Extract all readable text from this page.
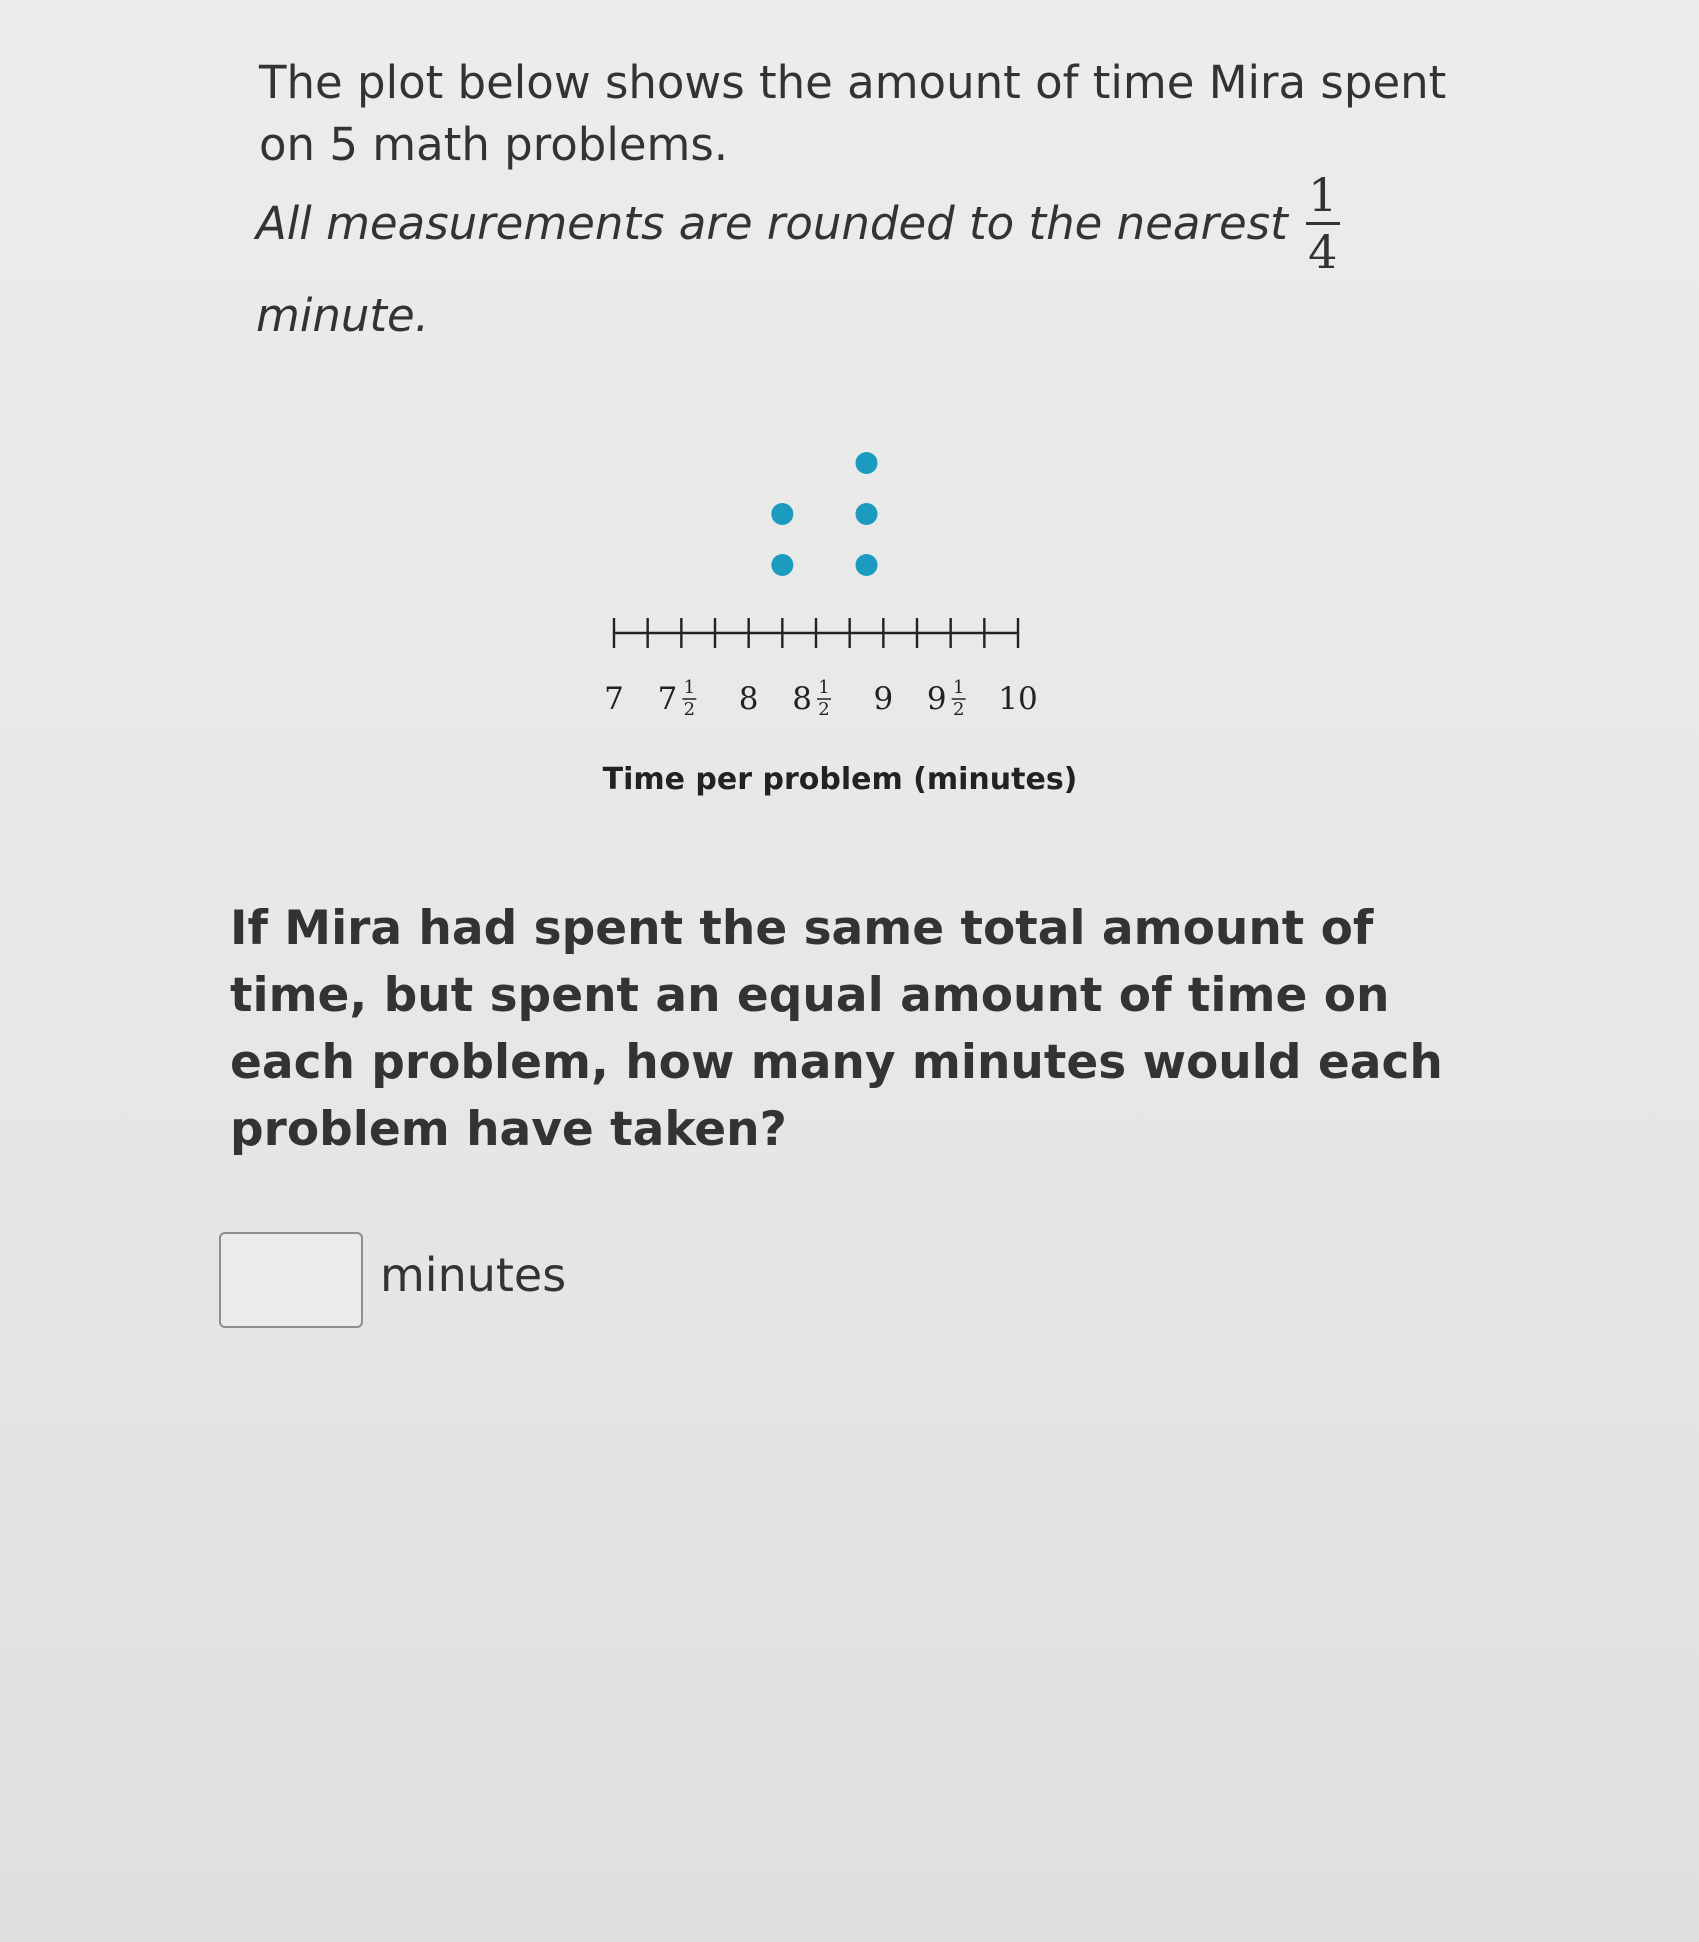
The plot below shows the amount of time Mira spent on 5 math problems.
All measurements are rounded to the nearest $\frac{1}{4}$
minute.
7 7 1
2 8 8 1
2 9 9 1
2 10
Time per problem (minutes)
If Mira had spent the same total amount of time, but spent an equal amount of time on each problem, how many minutes would each problem have taken?
minutes
